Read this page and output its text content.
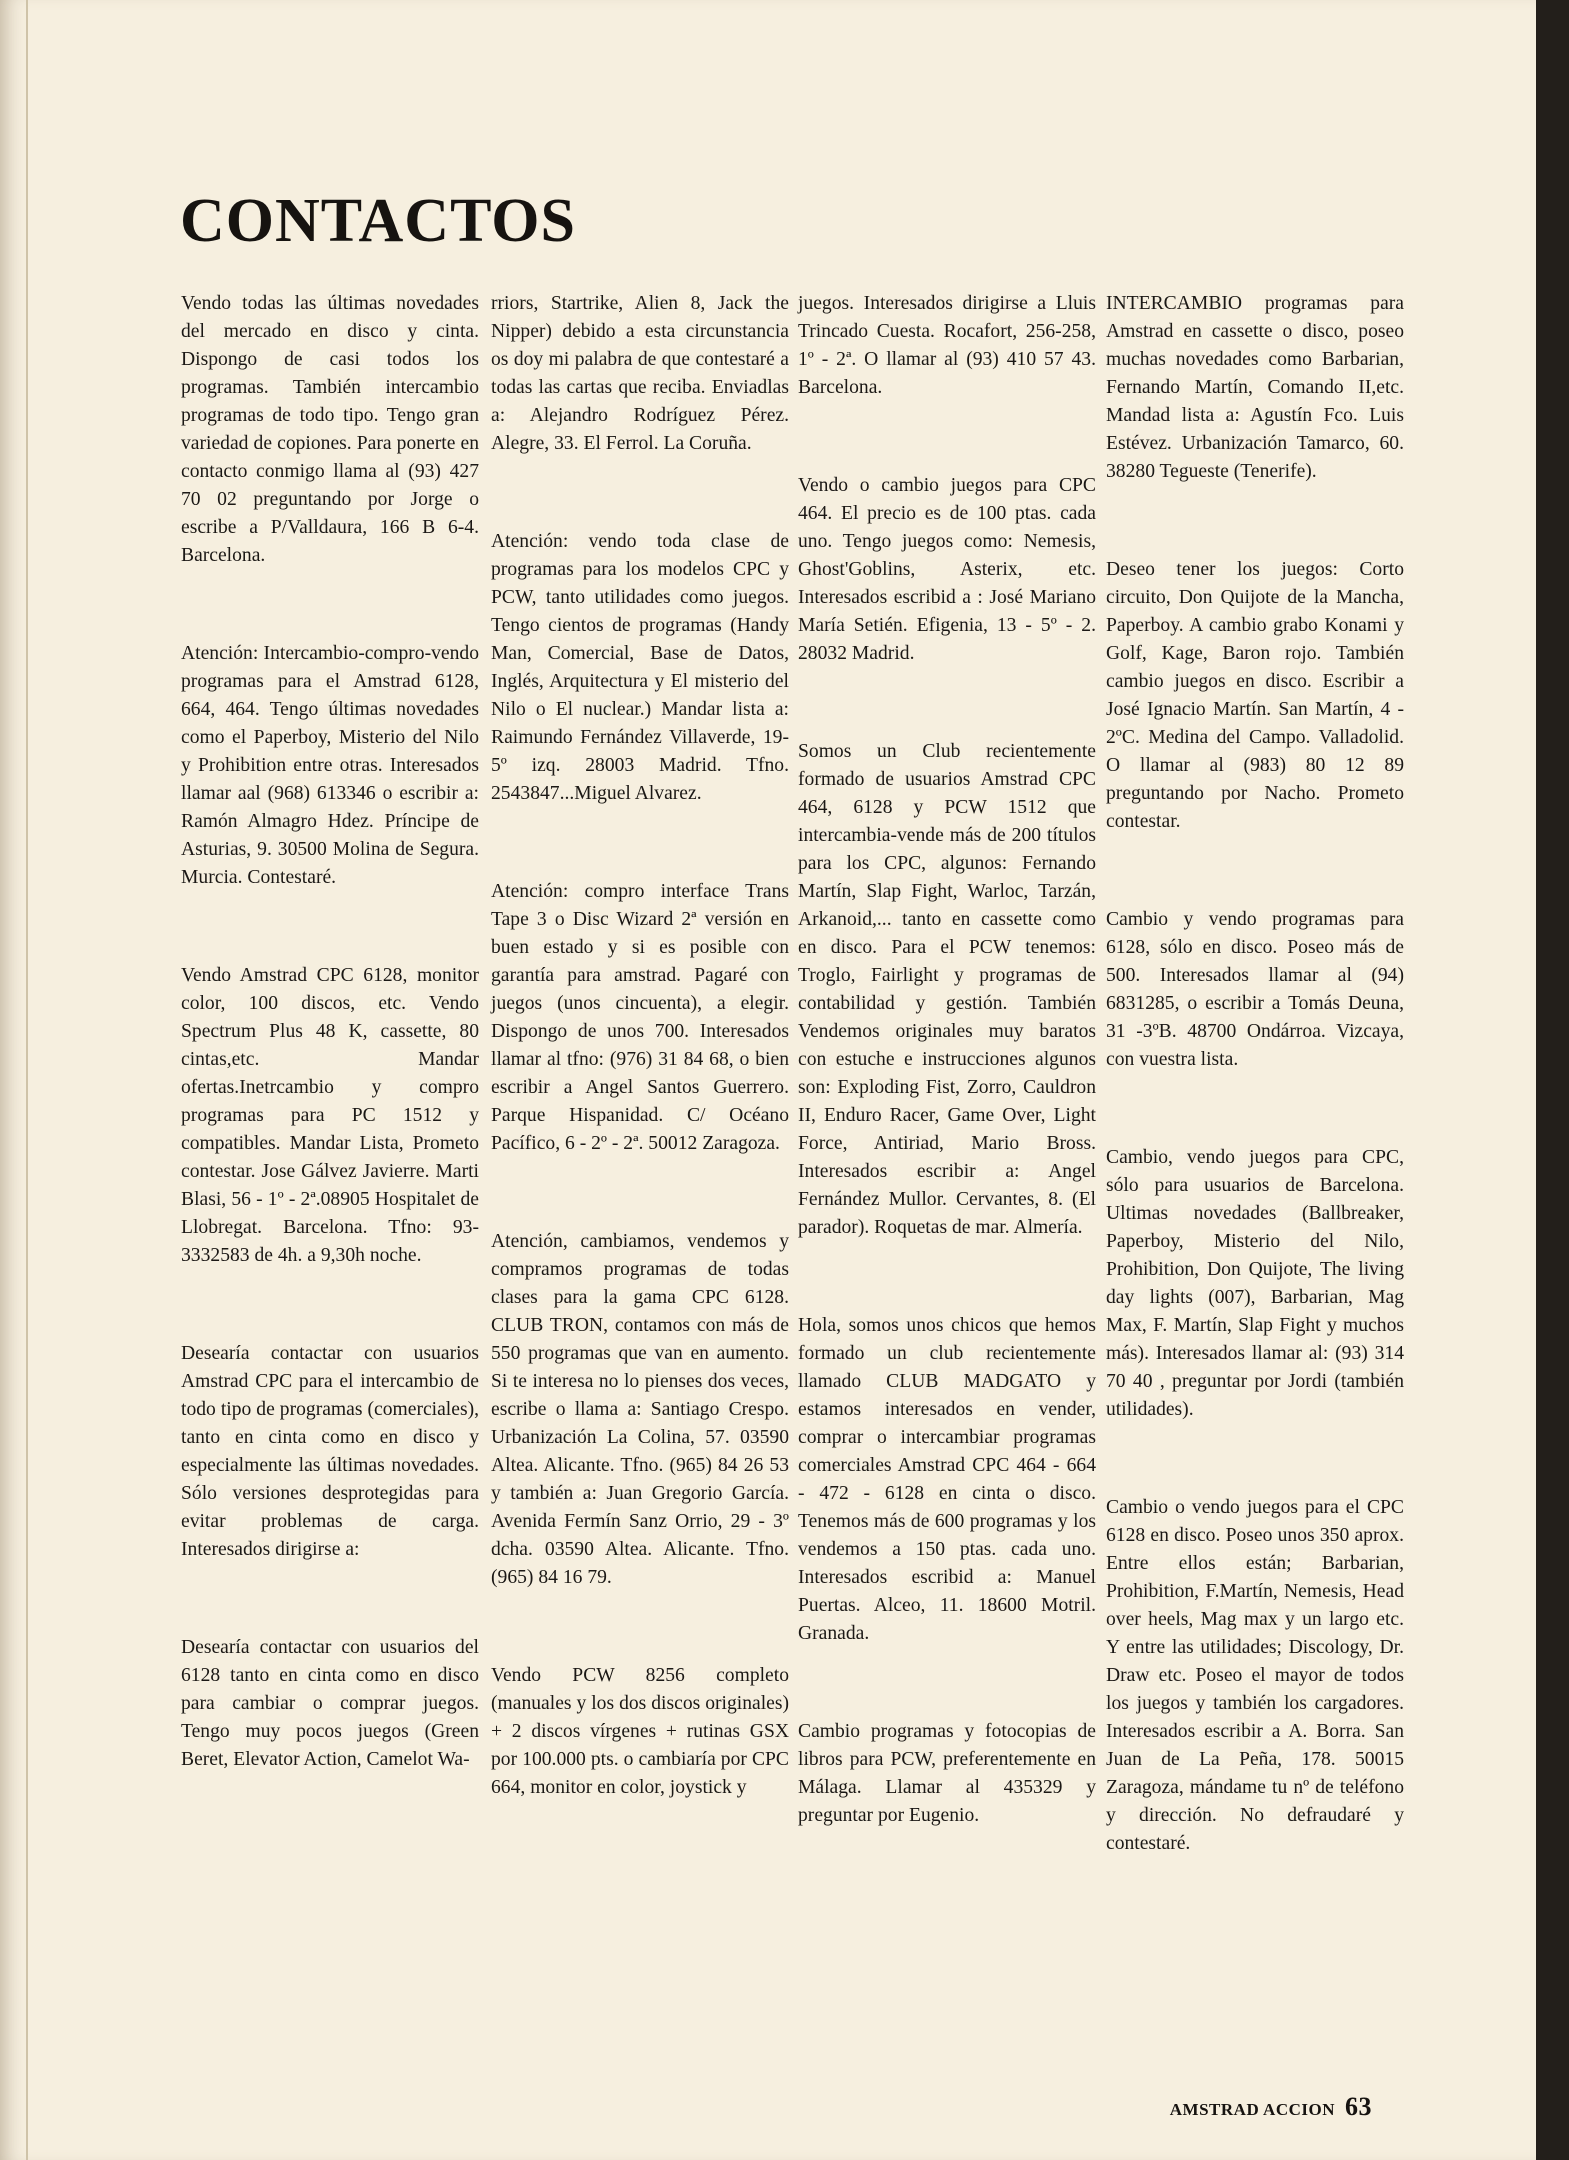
CONTACTOS

Vendo todas las últimas novedades del mercado en disco y cinta. Dispongo de casi todos los programas. También intercambio programas de todo tipo. Tengo gran variedad de copiones. Para ponerte en contacto conmigo llama al (93) 427 70 02 preguntando por Jorge o escribe a P/Valldaura, 166 B 6-4. Barcelona.

Atención: Intercambio-compro-vendo programas para el Amstrad 6128, 664, 464. Tengo últimas novedades como el Paperboy, Misterio del Nilo y Prohibition entre otras. Interesados llamar aal (968) 613346 o escribir a: Ramón Almagro Hdez. Príncipe de Asturias, 9. 30500 Molina de Segura. Murcia. Contestaré.

Vendo Amstrad CPC 6128, monitor color, 100 discos, etc. Vendo Spectrum Plus 48 K, cassette, 80 cintas,etc. Mandar ofertas.Inetrcambio y compro programas para PC 1512 y compatibles. Mandar Lista, Prometo contestar. Jose Gálvez Javierre. Marti Blasi, 56 - 1º - 2ª.08905 Hospitalet de Llobregat. Barcelona. Tfno: 93-3332583 de 4h. a 9,30h noche.

Desearía contactar con usuarios Amstrad CPC para el intercambio de todo tipo de programas (comerciales), tanto en cinta como en disco y especialmente las últimas novedades. Sólo versiones desprotegidas para evitar problemas de carga. Interesados dirigirse a:

Desearía contactar con usuarios del 6128 tanto en cinta como en disco para cambiar o comprar juegos. Tengo muy pocos juegos (Green Beret, Elevator Action, Camelot Wa-

rriors, Startrike, Alien 8, Jack the Nipper) debido a esta circunstancia os doy mi palabra de que contestaré a todas las cartas que reciba. Enviadlas a: Alejandro Rodríguez Pérez. Alegre, 33. El Ferrol. La Coruña.

Atención: vendo toda clase de programas para los modelos CPC y PCW, tanto utilidades como juegos. Tengo cientos de programas (Handy Man, Comercial, Base de Datos, Inglés, Arquitectura y El misterio del Nilo o El nuclear.) Mandar lista a: Raimundo Fernández Villaverde, 19-5º izq. 28003 Madrid. Tfno. 2543847...Miguel Alvarez.

Atención: compro interface Trans Tape 3 o Disc Wizard 2ª versión en buen estado y si es posible con garantía para amstrad. Pagaré con juegos (unos cincuenta), a elegir. Dispongo de unos 700. Interesados llamar al tfno: (976) 31 84 68, o bien escribir a Angel Santos Guerrero. Parque Hispanidad. C/ Océano Pacífico, 6 - 2º - 2ª. 50012 Zaragoza.

Atención, cambiamos, vendemos y compramos programas de todas clases para la gama CPC 6128. CLUB TRON, contamos con más de 550 programas que van en aumento. Si te interesa no lo pienses dos veces, escribe o llama a: Santiago Crespo. Urbanización La Colina, 57. 03590 Altea. Alicante. Tfno. (965) 84 26 53 y también a: Juan Gregorio García. Avenida Fermín Sanz Orrio, 29 - 3º dcha. 03590 Altea. Alicante. Tfno. (965) 84 16 79.

Vendo PCW 8256 completo (manuales y los dos discos originales) + 2 discos vírgenes + rutinas GSX por 100.000 pts. o cambiaría por CPC 664, monitor en color, joystick y

juegos. Interesados dirigirse a Lluis Trincado Cuesta. Rocafort, 256-258, 1º - 2ª. O llamar al (93) 410 57 43. Barcelona.

Vendo o cambio juegos para CPC 464. El precio es de 100 ptas. cada uno. Tengo juegos como: Nemesis, Ghost'Goblins, Asterix, etc. Interesados escribid a : José Mariano María Setién. Efigenia, 13 - 5º - 2. 28032 Madrid.

Somos un Club recientemente formado de usuarios Amstrad CPC 464, 6128 y PCW 1512 que intercambia-vende más de 200 títulos para los CPC, algunos: Fernando Martín, Slap Fight, Warloc, Tarzán, Arkanoid,... tanto en cassette como en disco. Para el PCW tenemos: Troglo, Fairlight y programas de contabilidad y gestión. También Vendemos originales muy baratos con estuche e instrucciones algunos son: Exploding Fist, Zorro, Cauldron II, Enduro Racer, Game Over, Light Force, Antiriad, Mario Bross. Interesados escribir a: Angel Fernández Mullor. Cervantes, 8. (El parador). Roquetas de mar. Almería.

Hola, somos unos chicos que hemos formado un club recientemente llamado CLUB MADGATO y estamos interesados en vender, comprar o intercambiar programas comerciales Amstrad CPC 464 - 664 - 472 - 6128 en cinta o disco. Tenemos más de 600 programas y los vendemos a 150 ptas. cada uno. Interesados escribid a: Manuel Puertas. Alceo, 11. 18600 Motril. Granada.

Cambio programas y fotocopias de libros para PCW, preferentemente en Málaga. Llamar al 435329 y preguntar por Eugenio.

INTERCAMBIO programas para Amstrad en cassette o disco, poseo muchas novedades como Barbarian, Fernando Martín, Comando II,etc. Mandad lista a: Agustín Fco. Luis Estévez. Urbanización Tamarco, 60. 38280 Tegueste (Tenerife).

Deseo tener los juegos: Corto circuito, Don Quijote de la Mancha, Paperboy. A cambio grabo Konami y Golf, Kage, Baron rojo. También cambio juegos en disco. Escribir a José Ignacio Martín. San Martín, 4 - 2ºC. Medina del Campo. Valladolid. O llamar al (983) 80 12 89 preguntando por Nacho. Prometo contestar.

Cambio y vendo programas para 6128, sólo en disco. Poseo más de 500. Interesados llamar al (94) 6831285, o escribir a Tomás Deuna, 31 -3ºB. 48700 Ondárroa. Vizcaya, con vuestra lista.

Cambio, vendo juegos para CPC, sólo para usuarios de Barcelona. Ultimas novedades (Ballbreaker, Paperboy, Misterio del Nilo, Prohibition, Don Quijote, The living day lights (007), Barbarian, Mag Max, F. Martín, Slap Fight y muchos más). Interesados llamar al: (93) 314 70 40 , preguntar por Jordi (también utilidades).

Cambio o vendo juegos para el CPC 6128 en disco. Poseo unos 350 aprox. Entre ellos están; Barbarian, Prohibition, F.Martín, Nemesis, Head over heels, Mag max y un largo etc. Y entre las utilidades; Discology, Dr. Draw etc. Poseo el mayor de todos los juegos y también los cargadores. Interesados escribir a A. Borra. San Juan de La Peña, 178. 50015 Zaragoza, mándame tu nº de teléfono y dirección. No defraudaré y contestaré.

AMSTRAD ACCION 63
